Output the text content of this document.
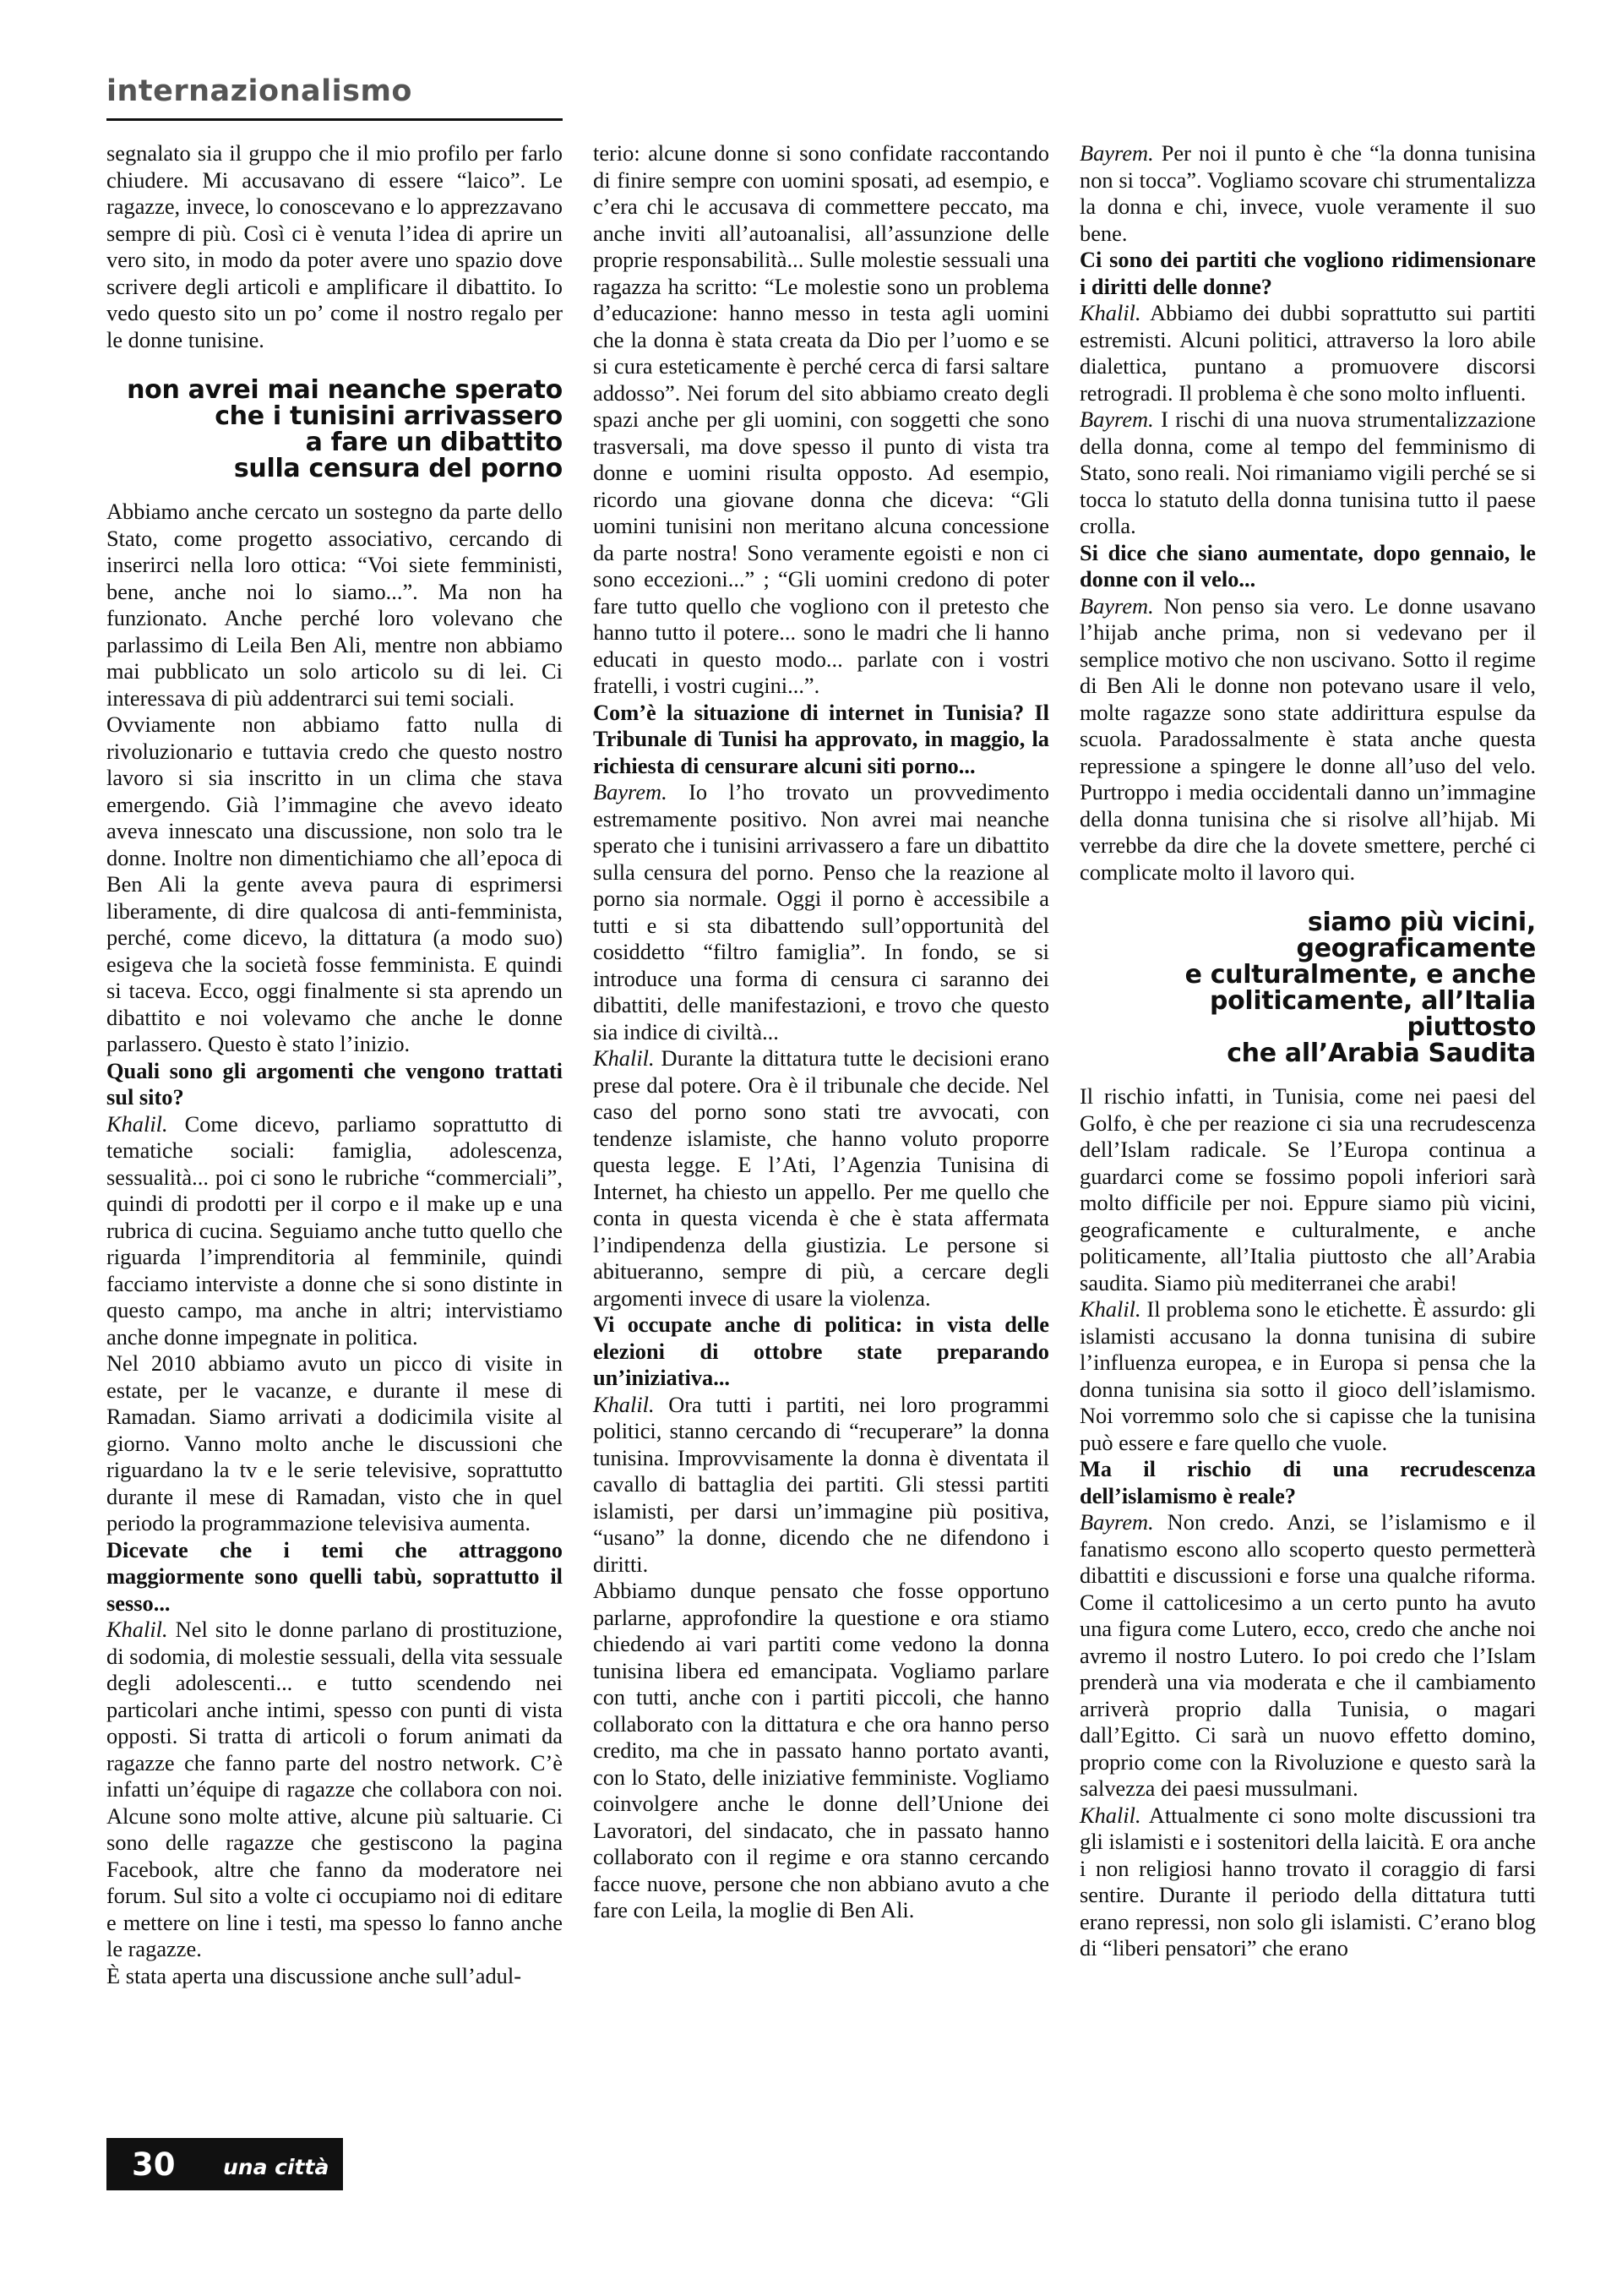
internazionalismo

segnalato sia il gruppo che il mio profilo per farlo chiudere. Mi accusavano di essere “laico”. Le ragazze, invece, lo conoscevano e lo apprezzavano sempre di più. Così ci è venuta l’idea di aprire un vero sito, in modo da poter avere uno spazio dove scrivere degli articoli e amplificare il dibattito. Io vedo questo sito un po’ come il nostro regalo per le donne tunisine.

non avrei mai neanche sperato
che i tunisini arrivassero
a fare un dibattito
sulla censura del porno

Abbiamo anche cercato un sostegno da parte dello Stato, come progetto associativo, cercando di inserirci nella loro ottica: “Voi siete femministi, bene, anche noi lo siamo...”. Ma non ha funzionato. Anche perché loro volevano che parlassimo di Leila Ben Ali, mentre non abbiamo mai pubblicato un solo articolo su di lei. Ci interessava di più addentrarci sui temi sociali.

Ovviamente non abbiamo fatto nulla di rivoluzionario e tuttavia credo che questo nostro lavoro si sia inscritto in un clima che stava emergendo. Già l’immagine che avevo ideato aveva innescato una discussione, non solo tra le donne. Inoltre non dimentichiamo che all’epoca di Ben Ali la gente aveva paura di esprimersi liberamente, di dire qualcosa di anti-femminista, perché, come dicevo, la dittatura (a modo suo) esigeva che la società fosse femminista. E quindi si taceva. Ecco, oggi finalmente si sta aprendo un dibattito e noi volevamo che anche le donne parlassero. Questo è stato l’inizio.

Quali sono gli argomenti che vengono trattati sul sito?

Khalil. Come dicevo, parliamo soprattutto di tematiche sociali: famiglia, adolescenza, sessualità... poi ci sono le rubriche “commerciali”, quindi di prodotti per il corpo e il make up e una rubrica di cucina. Seguiamo anche tutto quello che riguarda l’imprenditoria al femminile, quindi facciamo interviste a donne che si sono distinte in questo campo, ma anche in altri; intervistiamo anche donne impegnate in politica.

Nel 2010 abbiamo avuto un picco di visite in estate, per le vacanze, e durante il mese di Ramadan. Siamo arrivati a dodicimila visite al giorno. Vanno molto anche le discussioni che riguardano la tv e le serie televisive, soprattutto durante il mese di Ramadan, visto che in quel periodo la programmazione televisiva aumenta.

Dicevate che i temi che attraggono maggiormente sono quelli tabù, soprattutto il sesso...

Khalil. Nel sito le donne parlano di prostituzione, di sodomia, di molestie sessuali, della vita sessuale degli adolescenti... e tutto scendendo nei particolari anche intimi, spesso con punti di vista opposti. Si tratta di articoli o forum animati da ragazze che fanno parte del nostro network. C’è infatti un’équipe di ragazze che collabora con noi. Alcune sono molte attive, alcune più saltuarie. Ci sono delle ragazze che gestiscono la pagina Facebook, altre che fanno da moderatore nei forum. Sul sito a volte ci occupiamo noi di editare e mettere on line i testi, ma spesso lo fanno anche le ragazze.

È stata aperta una discussione anche sull’adul-

terio: alcune donne si sono confidate raccontando di finire sempre con uomini sposati, ad esempio, e c’era chi le accusava di commettere peccato, ma anche inviti all’autoanalisi, all’assunzione delle proprie responsabilità... Sulle molestie sessuali una ragazza ha scritto: “Le molestie sono un problema d’educazione: hanno messo in testa agli uomini che la donna è stata creata da Dio per l’uomo e se si cura esteticamente è perché cerca di farsi saltare addosso”. Nei forum del sito abbiamo creato degli spazi anche per gli uomini, con soggetti che sono trasversali, ma dove spesso il punto di vista tra donne e uomini risulta opposto. Ad esempio, ricordo una giovane donna che diceva: “Gli uomini tunisini non meritano alcuna concessione da parte nostra! Sono veramente egoisti e non ci sono eccezioni...” ; “Gli uomini credono di poter fare tutto quello che vogliono con il pretesto che hanno tutto il potere... sono le madri che li hanno educati in questo modo... parlate con i vostri fratelli, i vostri cugini...”.

Com’è la situazione di internet in Tunisia? Il Tribunale di Tunisi ha approvato, in maggio, la richiesta di censurare alcuni siti porno...

Bayrem. Io l’ho trovato un provvedimento estremamente positivo. Non avrei mai neanche sperato che i tunisini arrivassero a fare un dibattito sulla censura del porno. Penso che la reazione al porno sia normale. Oggi il porno è accessibile a tutti e si sta dibattendo sull’opportunità del cosiddetto “filtro famiglia”. In fondo, se si introduce una forma di censura ci saranno dei dibattiti, delle manifestazioni, e trovo che questo sia indice di civiltà...

Khalil. Durante la dittatura tutte le decisioni erano prese dal potere. Ora è il tribunale che decide. Nel caso del porno sono stati tre avvocati, con tendenze islamiste, che hanno voluto proporre questa legge. E l’Ati, l’Agenzia Tunisina di Internet, ha chiesto un appello. Per me quello che conta in questa vicenda è che è stata affermata l’indipendenza della giustizia. Le persone si abitueranno, sempre di più, a cercare degli argomenti invece di usare la violenza.

Vi occupate anche di politica: in vista delle elezioni di ottobre state preparando un’iniziativa...

Khalil. Ora tutti i partiti, nei loro programmi politici, stanno cercando di “recuperare” la donna tunisina. Improvvisamente la donna è diventata il cavallo di battaglia dei partiti. Gli stessi partiti islamisti, per darsi un’immagine più positiva, “usano” la donne, dicendo che ne difendono i diritti.

Abbiamo dunque pensato che fosse opportuno parlarne, approfondire la questione e ora stiamo chiedendo ai vari partiti come vedono la donna tunisina libera ed emancipata. Vogliamo parlare con tutti, anche con i partiti piccoli, che hanno collaborato con la dittatura e che ora hanno perso credito, ma che in passato hanno portato avanti, con lo Stato, delle iniziative femministe. Vogliamo coinvolgere anche le donne dell’Unione dei Lavoratori, del sindacato, che in passato hanno collaborato con il regime e ora stanno cercando facce nuove, persone che non abbiano avuto a che fare con Leila, la moglie di Ben Ali.

Bayrem. Per noi il punto è che “la donna tunisina non si tocca”. Vogliamo scovare chi strumentalizza la donna e chi, invece, vuole veramente il suo bene.

Ci sono dei partiti che vogliono ridimensionare i diritti delle donne?

Khalil. Abbiamo dei dubbi soprattutto sui partiti estremisti. Alcuni politici, attraverso la loro abile dialettica, puntano a promuovere discorsi retrogradi. Il problema è che sono molto influenti.

Bayrem. I rischi di una nuova strumentalizzazione della donna, come al tempo del femminismo di Stato, sono reali. Noi rimaniamo vigili perché se si tocca lo statuto della donna tunisina tutto il paese crolla.

Si dice che siano aumentate, dopo gennaio, le donne con il velo...

Bayrem. Non penso sia vero. Le donne usavano l’hijab anche prima, non si vedevano per il semplice motivo che non uscivano. Sotto il regime di Ben Ali le donne non potevano usare il velo, molte ragazze sono state addirittura espulse da scuola. Paradossalmente è stata anche questa repressione a spingere le donne all’uso del velo. Purtroppo i media occidentali danno un’immagine della donna tunisina che si risolve all’hijab. Mi verrebbe da dire che la dovete smettere, perché ci complicate molto il lavoro qui.

siamo più vicini, geograficamente
e culturalmente, e anche
politicamente, all’Italia piuttosto
che all’Arabia Saudita

Il rischio infatti, in Tunisia, come nei paesi del Golfo, è che per reazione ci sia una recrudescenza dell’Islam radicale. Se l’Europa continua a guardarci come se fossimo popoli inferiori sarà molto difficile per noi. Eppure siamo più vicini, geograficamente e culturalmente, e anche politicamente, all’Italia piuttosto che all’Arabia saudita. Siamo più mediterranei che arabi!

Khalil. Il problema sono le etichette. È assurdo: gli islamisti accusano la donna tunisina di subire l’influenza europea, e in Europa si pensa che la donna tunisina sia sotto il gioco dell’islamismo. Noi vorremmo solo che si capisse che la tunisina può essere e fare quello che vuole.

Ma il rischio di una recrudescenza dell’islamismo è reale?

Bayrem. Non credo. Anzi, se l’islamismo e il fanatismo escono allo scoperto questo permetterà dibattiti e discussioni e forse una qualche riforma. Come il cattolicesimo a un certo punto ha avuto una figura come Lutero, ecco, credo che anche noi avremo il nostro Lutero. Io poi credo che l’Islam prenderà una via moderata e che il cambiamento arriverà proprio dalla Tunisia, o magari dall’Egitto. Ci sarà un nuovo effetto domino, proprio come con la Rivoluzione e questo sarà la salvezza dei paesi mussulmani.

Khalil. Attualmente ci sono molte discussioni tra gli islamisti e i sostenitori della laicità. E ora anche i non religiosi hanno trovato il coraggio di farsi sentire. Durante il periodo della dittatura tutti erano repressi, non solo gli islamisti. C’erano blog di “liberi pensatori” che erano

30 una città
